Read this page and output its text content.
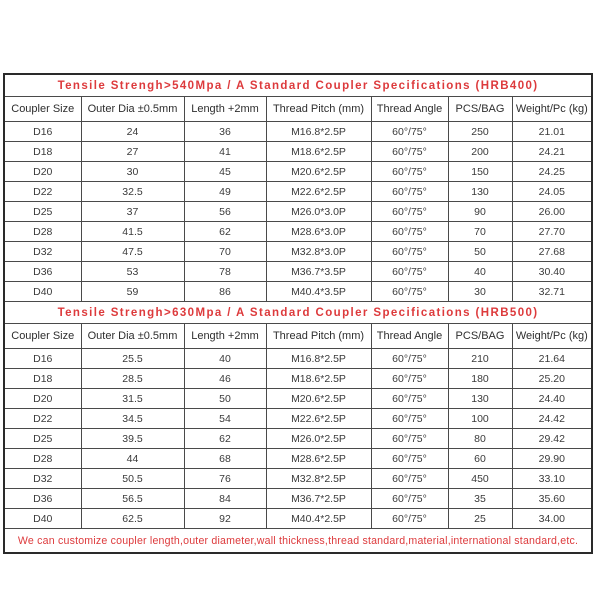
Tensile Strengh>540Mpa / A Standard Coupler Specifications (HRB400)						
Coupler Size	Outer Dia ±0.5mm	Length +2mm	Thread Pitch (mm)	Thread Angle	PCS/BAG	Weight/Pc (kg)
D16	24	36	M16.8*2.5P	60°/75°	250	21.01
D18	27	41	M18.6*2.5P	60°/75°	200	24.21
D20	30	45	M20.6*2.5P	60°/75°	150	24.25
D22	32.5	49	M22.6*2.5P	60°/75°	130	24.05
D25	37	56	M26.0*3.0P	60°/75°	90	26.00
D28	41.5	62	M28.6*3.0P	60°/75°	70	27.70
D32	47.5	70	M32.8*3.0P	60°/75°	50	27.68
D36	53	78	M36.7*3.5P	60°/75°	40	30.40
D40	59	86	M40.4*3.5P	60°/75°	30	32.71
Tensile Strengh>630Mpa / A Standard Coupler Specifications (HRB500)						
Coupler Size	Outer Dia ±0.5mm	Length +2mm	Thread Pitch (mm)	Thread Angle	PCS/BAG	Weight/Pc (kg)
D16	25.5	40	M16.8*2.5P	60°/75°	210	21.64
D18	28.5	46	M18.6*2.5P	60°/75°	180	25.20
D20	31.5	50	M20.6*2.5P	60°/75°	130	24.40
D22	34.5	54	M22.6*2.5P	60°/75°	100	24.42
D25	39.5	62	M26.0*2.5P	60°/75°	80	29.42
D28	44	68	M28.6*2.5P	60°/75°	60	29.90
D32	50.5	76	M32.8*2.5P	60°/75°	450	33.10
D36	56.5	84	M36.7*2.5P	60°/75°	35	35.60
D40	62.5	92	M40.4*2.5P	60°/75°	25	34.00
We can customize coupler length,outer diameter,wall thickness,thread standard,material,international standard,etc.						
